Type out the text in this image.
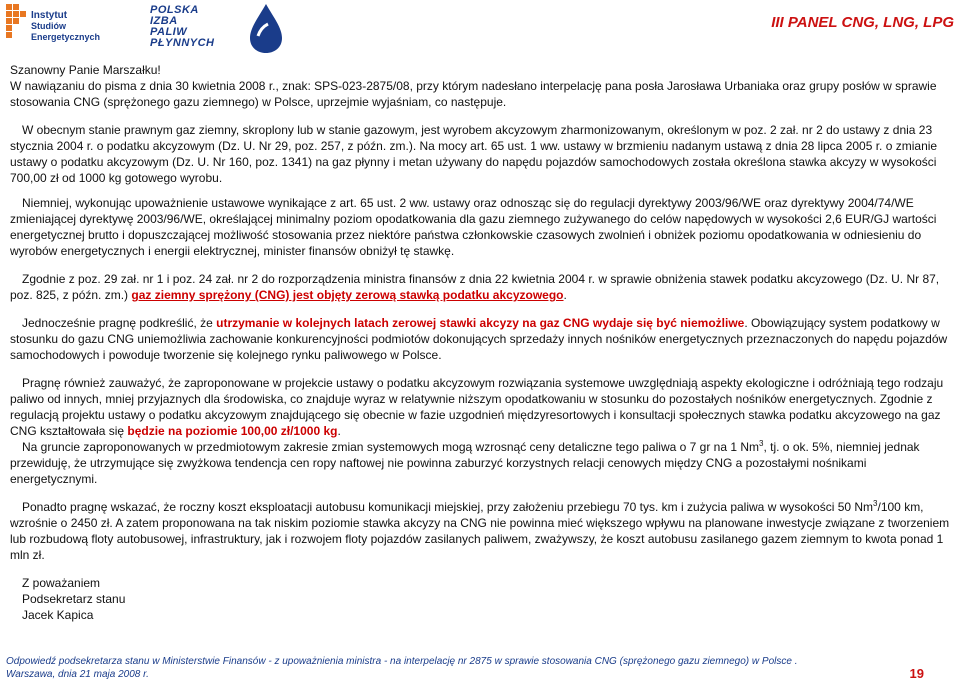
Instytut
Studiów Energetycznych
POLSKA
IZBA
PALIW
PŁYNNYCH
III PANEL CNG, LNG, LPG

Szanowny Panie Marszałku!

W nawiązaniu do pisma z dnia 30 kwietnia 2008 r., znak: SPS-023-2875/08, przy którym nadesłano interpelację pana posła Jarosława Urbaniaka oraz grupy posłów w sprawie stosowania CNG (sprężonego gazu ziemnego) w Polsce, uprzejmie wyjaśniam, co następuje.

W obecnym stanie prawnym gaz ziemny, skroplony lub w stanie gazowym, jest wyrobem akcyzowym zharmonizowanym, określonym w poz. 2 zał. nr 2 do ustawy z dnia 23 stycznia 2004 r. o podatku akcyzowym (Dz. U. Nr 29, poz. 257, z późn. zm.). Na mocy art. 65 ust. 1 ww. ustawy w brzmieniu nadanym ustawą z dnia 28 lipca 2005 r. o zmianie ustawy o podatku akcyzowym (Dz. U. Nr 160, poz. 1341) na gaz płynny i metan używany do napędu pojazdów samochodowych została określona stawka akcyzy w wysokości 700,00 zł od 1000 kg gotowego wyrobu.

Niemniej, wykonując upoważnienie ustawowe wynikające z art. 65 ust. 2 ww. ustawy oraz odnosząc się do regulacji dyrektywy 2003/96/WE oraz dyrektywy 2004/74/WE zmieniającej dyrektywę 2003/96/WE, określającej minimalny poziom opodatkowania dla gazu ziemnego zużywanego do celów napędowych w wysokości 2,6 EUR/GJ wartości energetycznej brutto i dopuszczającej możliwość stosowania przez niektóre państwa członkowskie czasowych zwolnień i obniżek poziomu opodatkowania w odniesieniu do wyrobów energetycznych i energii elektrycznej, minister finansów obniżył tę stawkę.

Zgodnie z poz. 29 zał. nr 1 i poz. 24 zał. nr 2 do rozporządzenia ministra finansów z dnia 22 kwietnia 2004 r. w sprawie obniżenia stawek podatku akcyzowego (Dz. U. Nr 87, poz. 825, z późn. zm.) gaz ziemny sprężony (CNG) jest objęty zerową stawką podatku akcyzowego.

Jednocześnie pragnę podkreślić, że utrzymanie w kolejnych latach zerowej stawki akcyzy na gaz CNG wydaje się być niemożliwe. Obowiązujący system podatkowy w stosunku do gazu CNG uniemożliwia zachowanie konkurencyjności podmiotów dokonujących sprzedaży innych nośników energetycznych przeznaczonych do napędu pojazdów samochodowych i powoduje tworzenie się kolejnego rynku paliwowego w Polsce.

Pragnę również zauważyć, że zaproponowane w projekcie ustawy o podatku akcyzowym rozwiązania systemowe uwzględniają aspekty ekologiczne i odróżniają tego rodzaju paliwo od innych, mniej przyjaznych dla środowiska, co znajduje wyraz w relatywnie niższym opodatkowaniu w stosunku do pozostałych nośników energetycznych. Zgodnie z regulacją projektu ustawy o podatku akcyzowym znajdującego się obecnie w fazie uzgodnień międzyresortowych i konsultacji społecznych stawka podatku akcyzowego na gaz CNG kształtowała się będzie na poziomie 100,00 zł/1000 kg.

Na gruncie zaproponowanych w przedmiotowym zakresie zmian systemowych mogą wzrosnąć ceny detaliczne tego paliwa o 7 gr na 1 Nm$^3$, tj. o ok. 5%, niemniej jednak przewiduję, że utrzymujące się zwyżkowa tendencja cen ropy naftowej nie powinna zaburzyć korzystnych relacji cenowych między CNG a pozostałymi nośnikami energetycznymi.

Ponadto pragnę wskazać, że roczny koszt eksploatacji autobusu komunikacji miejskiej, przy założeniu przebiegu 70 tys. km i zużycia paliwa w wysokości 50 Nm$^3$/100 km, wzrośnie o 2450 zł. A zatem proponowana na tak niskim poziomie stawka akcyzy na CNG nie powinna mieć większego wpływu na planowane inwestycje związane z tworzeniem lub rozbudową floty autobusowej, infrastruktury, jak i rozwojem floty pojazdów zasilanych paliwem, zważywszy, że koszt autobusu zasilanego gazem ziemnym to kwota ponad 1 mln zł.

Z poważaniem

Podsekretarz stanu

Jacek Kapica

Odpowiedź podsekretarza stanu w Ministerstwie Finansów - z upoważnienia ministra - na interpelację nr 2875 w sprawie stosowania CNG (sprężonego gazu ziemnego) w Polsce .
Warszawa, dnia 21 maja 2008 r.	19
